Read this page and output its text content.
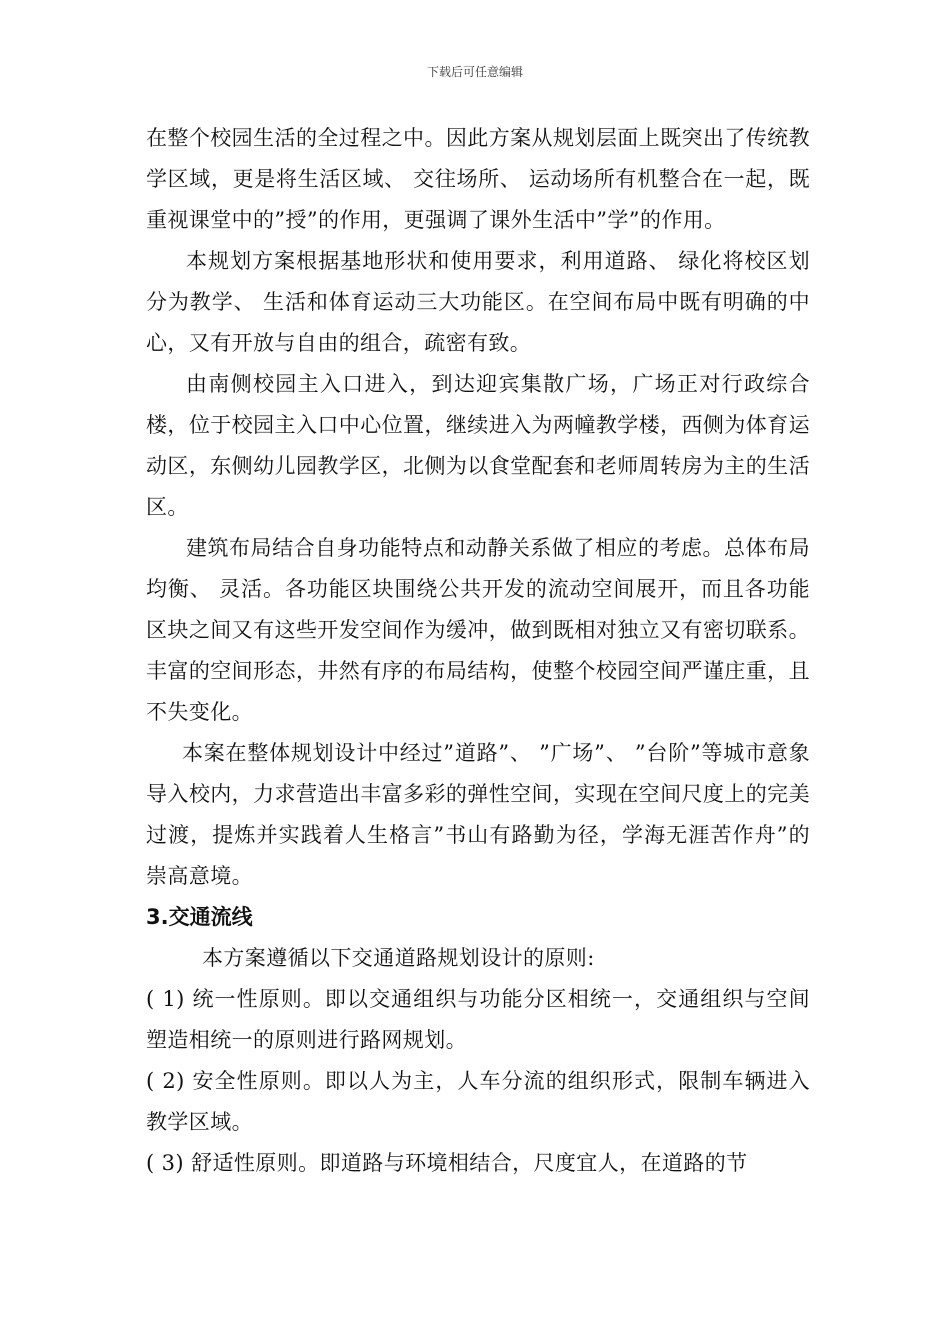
下载后可任意编辑

在整个校园生活的全过程之中。因此方案从规划层面上既突出了传统教学区域，更是将生活区域、 交往场所、 运动场所有机整合在一起，既重视课堂中的”授”的作用，更强调了课外生活中”学”的作用。

本规划方案根据基地形状和使用要求，利用道路、 绿化将校区划分为教学、 生活和体育运动三大功能区。在空间布局中既有明确的中心，又有开放与自由的组合，疏密有致。

由南侧校园主入口进入，到达迎宾集散广场，广场正对行政综合楼，位于校园主入口中心位置，继续进入为两幢教学楼，西侧为体育运动区，东侧幼儿园教学区，北侧为以食堂配套和老师周转房为主的生活区。

建筑布局结合自身功能特点和动静关系做了相应的考虑。总体布局均衡、 灵活。各功能区块围绕公共开发的流动空间展开，而且各功能区块之间又有这些开发空间作为缓冲，做到既相对独立又有密切联系。丰富的空间形态，井然有序的布局结构，使整个校园空间严谨庄重，且不失变化。

本案在整体规划设计中经过”道路”、 ”广场”、 ”台阶”等城市意象导入校内，力求营造出丰富多彩的弹性空间，实现在空间尺度上的完美过渡，提炼并实践着人生格言”书山有路勤为径，学海无涯苦作舟”的崇高意境。

3.交通流线

本方案遵循以下交通道路规划设计的原则:

( 1) 统一性原则。即以交通组织与功能分区相统一，交通组织与空间塑造相统一的原则进行路网规划。

( 2) 安全性原则。即以人为主，人车分流的组织形式，限制车辆进入教学区域。

( 3) 舒适性原则。即道路与环境相结合，尺度宜人，在道路的节
